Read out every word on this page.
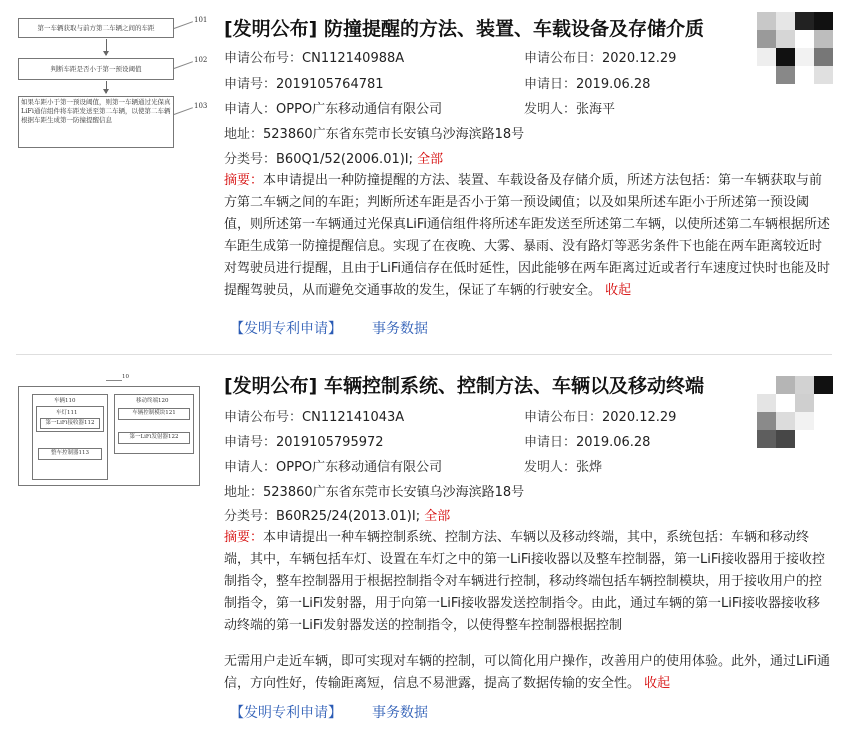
第一车辆获取与前方第二车辆之间的车距
101
判断车距是否小于第一预设阈值
102
如果车距小于第一预设阈值，则第一车辆通过光保真LiFi通信组件将车距发送至第二车辆，以使第二车辆根据车距生成第一防撞提醒信息
103
[发明公布] 防撞提醒的方法、装置、车载设备及存储介质
申请公布号：CN112140988A	申请公布日：2020.12.29
申请号：2019105764781	申请日：2019.06.28
申请人：OPPO广东移动通信有限公司	发明人：张海平
地址：523860广东省东莞市长安镇乌沙海滨路18号
分类号：B60Q1/52(2006.01)I; 全部
摘要：本申请提出一种防撞提醒的方法、装置、车载设备及存储介质，所述方法包括：第一车辆获取与前方第二车辆之间的车距；判断所述车距是否小于第一预设阈值；以及如果所述车距小于所述第一预设阈值，则所述第一车辆通过光保真LiFi通信组件将所述车距发送至所述第二车辆，以使所述第二车辆根据所述车距生成第一防撞提醒信息。实现了在夜晚、大雾、暴雨、没有路灯等恶劣条件下也能在两车距离较近时对驾驶员进行提醒，且由于LiFi通信存在低时延性，因此能够在两车距离过近或者行车速度过快时也能及时提醒驾驶员，从而避免交通事故的发生，保证了车辆的行驶安全。 收起
【发明专利申请】 事务数据
10
车辆110
车灯111
第一LiFi接收器112
整车控制器113
移动终端120
车辆控制模块121
第一LiFi发射器122
[发明公布] 车辆控制系统、控制方法、车辆以及移动终端
申请公布号：CN112141043A	申请公布日：2020.12.29
申请号：2019105795972	申请日：2019.06.28
申请人：OPPO广东移动通信有限公司	发明人：张烨
地址：523860广东省东莞市长安镇乌沙海滨路18号
分类号：B60R25/24(2013.01)I; 全部
摘要：本申请提出一种车辆控制系统、控制方法、车辆以及移动终端，其中，系统包括：车辆和移动终端，其中，车辆包括车灯、设置在车灯之中的第一LiFi接收器以及整车控制器，第一LiFi接收器用于接收控制指令，整车控制器用于根据控制指令对车辆进行控制，移动终端包括车辆控制模块，用于接收用户的控制指令，第一LiFi发射器，用于向第一LiFi接收器发送控制指令。由此，通过车辆的第一LiFi接收器接收移动终端的第一LiFi发射器发送的控制指令，以使得整车控制器根据控制
无需用户走近车辆，即可实现对车辆的控制，可以简化用户操作，改善用户的使用体验。此外，通过LiFi通信，方向性好，传输距离短，信息不易泄露，提高了数据传输的安全性。 收起
【发明专利申请】 事务数据
